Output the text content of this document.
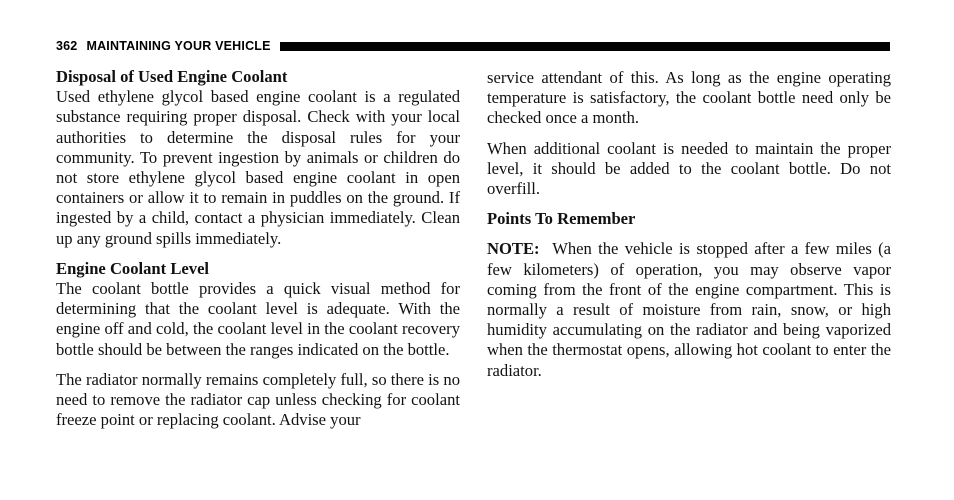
362 MAINTAINING YOUR VEHICLE
Disposal of Used Engine Coolant

Used ethylene glycol based engine coolant is a regulated substance requiring proper disposal. Check with your local authorities to determine the disposal rules for your community. To prevent ingestion by animals or children do not store ethylene glycol based engine coolant in open containers or allow it to remain in puddles on the ground. If ingested by a child, contact a physician immediately. Clean up any ground spills immediately.

Engine Coolant Level

The coolant bottle provides a quick visual method for determining that the coolant level is adequate. With the engine off and cold, the coolant level in the coolant recovery bottle should be between the ranges indicated on the bottle.

The radiator normally remains completely full, so there is no need to remove the radiator cap unless checking for coolant freeze point or replacing coolant. Advise your

service attendant of this. As long as the engine operating temperature is satisfactory, the coolant bottle need only be checked once a month.

When additional coolant is needed to maintain the proper level, it should be added to the coolant bottle. Do not overfill.

Points To Remember

NOTE: When the vehicle is stopped after a few miles (a few kilometers) of operation, you may observe vapor coming from the front of the engine compartment. This is normally a result of moisture from rain, snow, or high humidity accumulating on the radiator and being vaporized when the thermostat opens, allowing hot coolant to enter the radiator.
